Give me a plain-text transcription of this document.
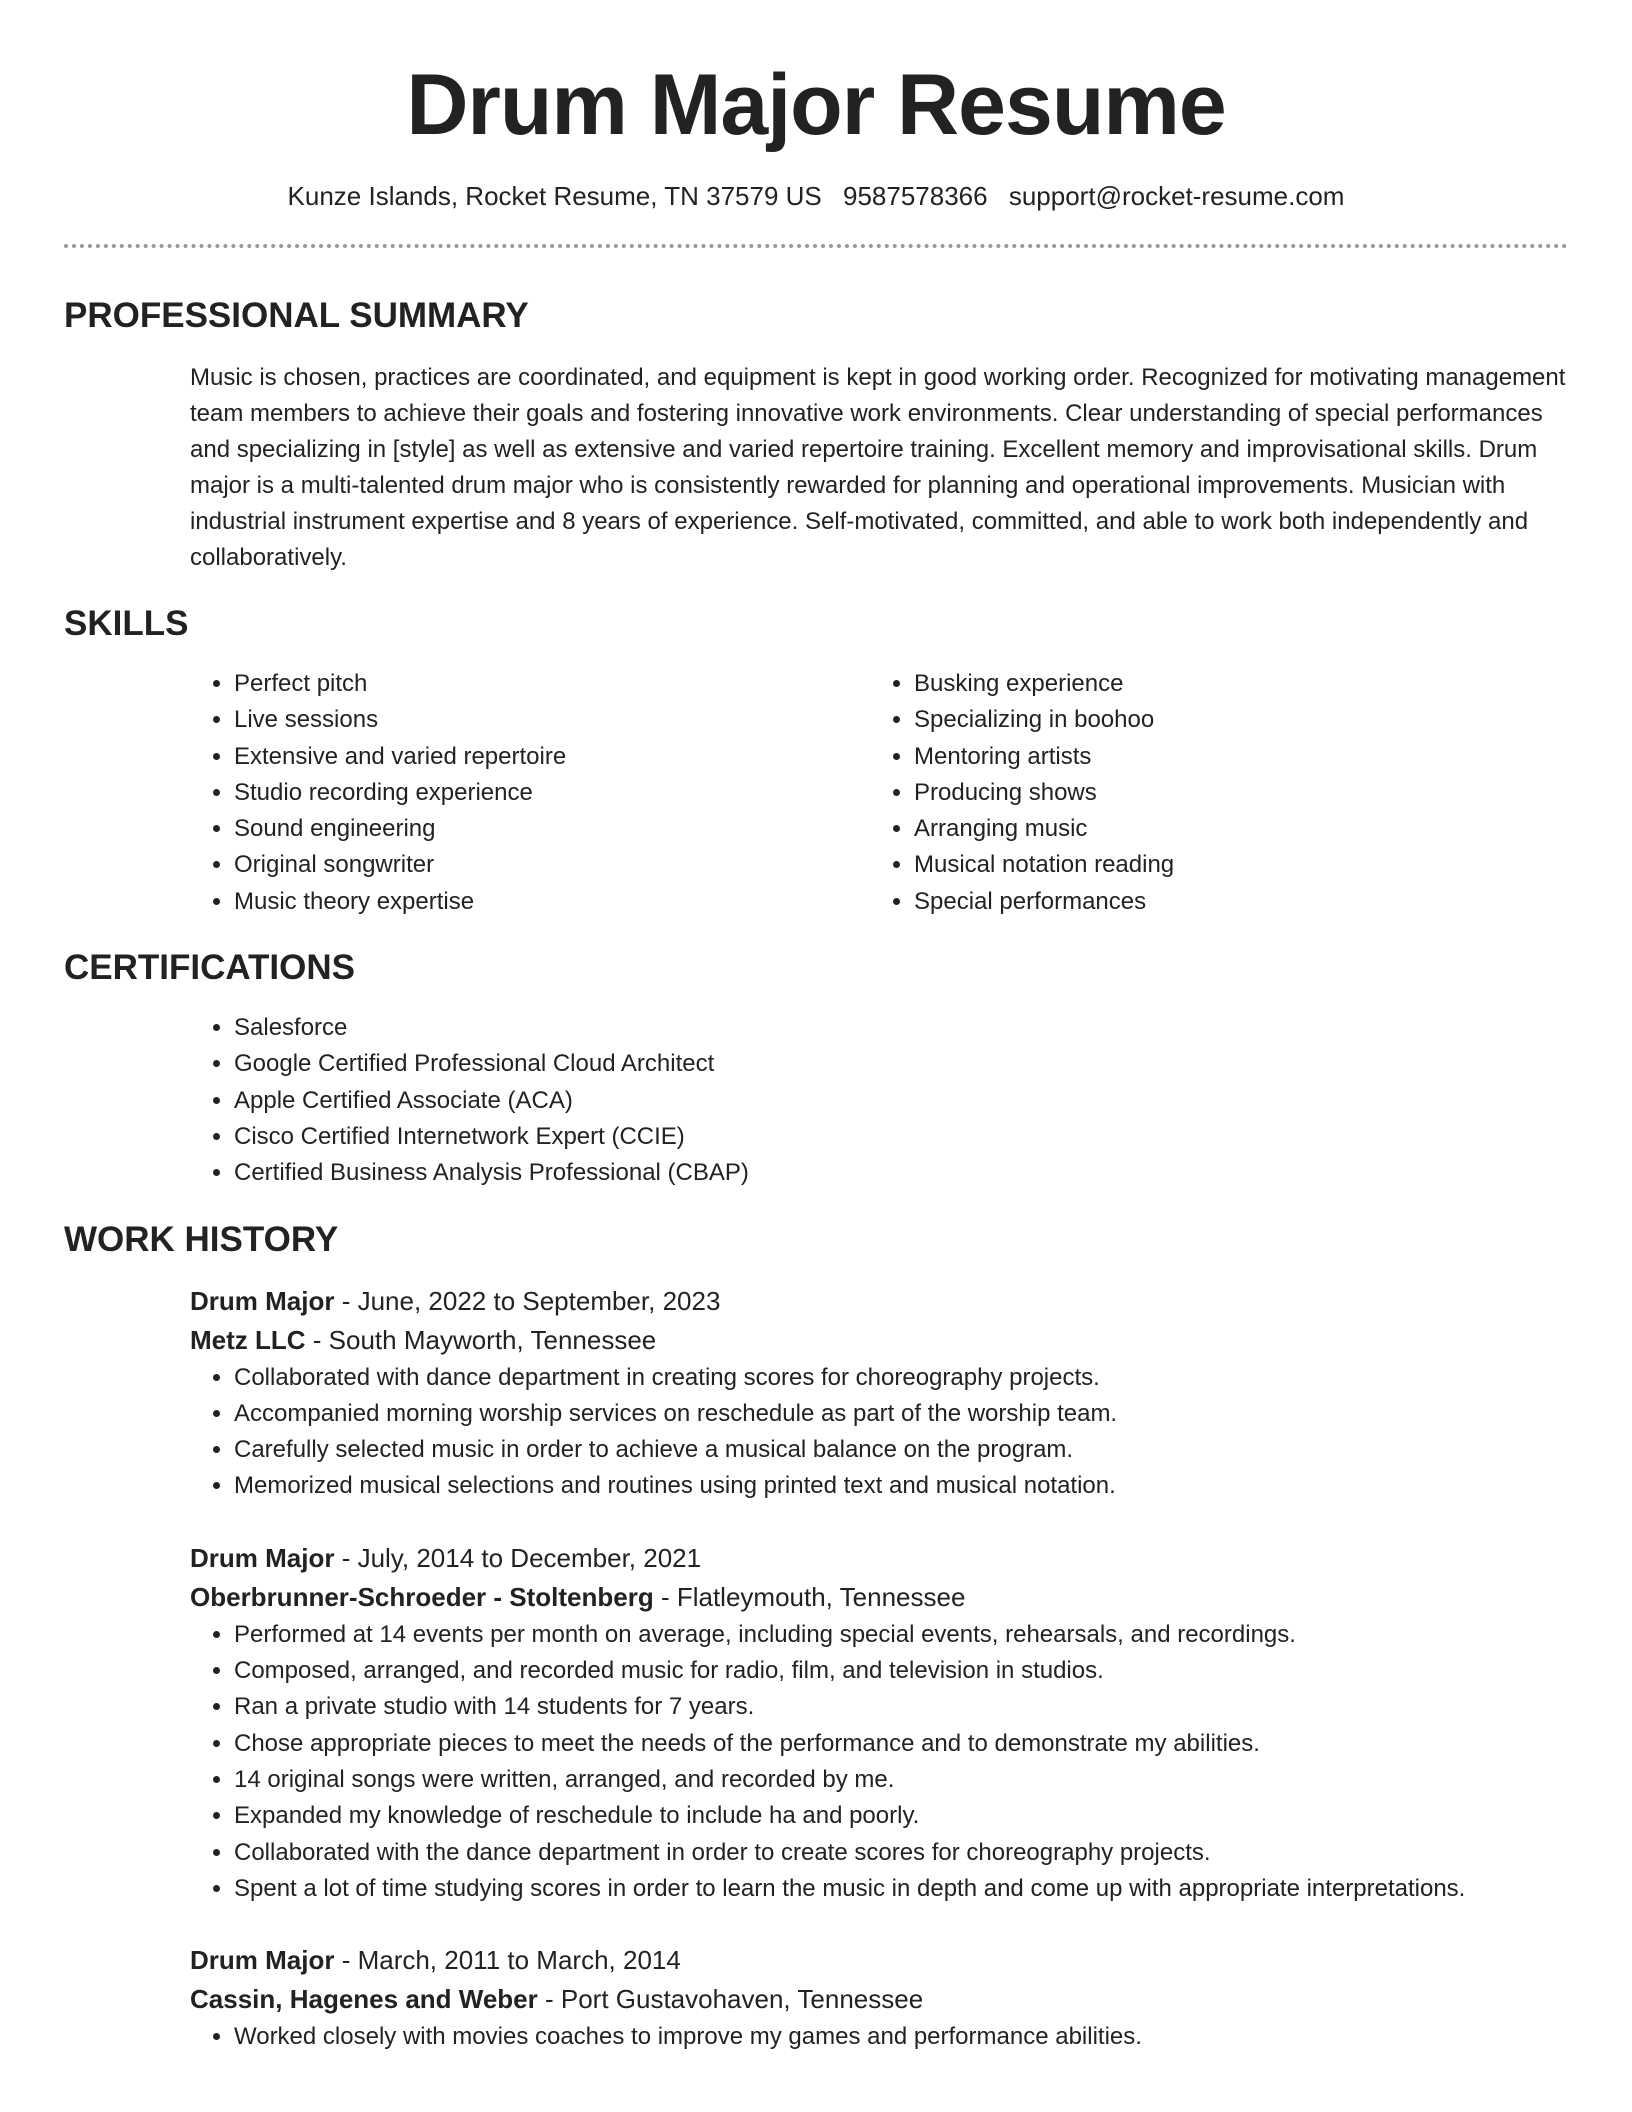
Drum Major Resume
Kunze Islands, Rocket Resume, TN 37579 US 9587578366 support@rocket-resume.com
PROFESSIONAL SUMMARY

Music is chosen, practices are coordinated, and equipment is kept in good working order. Recognized for motivating management team members to achieve their goals and fostering innovative work environments. Clear understanding of special performances and specializing in [style] as well as extensive and varied repertoire training. Excellent memory and improvisational skills. Drum major is a multi-talented drum major who is consistently rewarded for planning and operational improvements. Musician with industrial instrument expertise and 8 years of experience. Self-motivated, committed, and able to work both independently and collaboratively.

SKILLS
• Perfect pitch
• Live sessions
• Extensive and varied repertoire
• Studio recording experience
• Sound engineering
• Original songwriter
• Music theory expertise
• Busking experience
• Specializing in boohoo
• Mentoring artists
• Producing shows
• Arranging music
• Musical notation reading
• Special performances
CERTIFICATIONS
• Salesforce
• Google Certified Professional Cloud Architect
• Apple Certified Associate (ACA)
• Cisco Certified Internetwork Expert (CCIE)
• Certified Business Analysis Professional (CBAP)
WORK HISTORY
Drum Major - June, 2022 to September, 2023
Metz LLC - South Mayworth, Tennessee
• Collaborated with dance department in creating scores for choreography projects.
• Accompanied morning worship services on reschedule as part of the worship team.
• Carefully selected music in order to achieve a musical balance on the program.
• Memorized musical selections and routines using printed text and musical notation.
Drum Major - July, 2014 to December, 2021
Oberbrunner-Schroeder - Stoltenberg - Flatleymouth, Tennessee
• Performed at 14 events per month on average, including special events, rehearsals, and recordings.
• Composed, arranged, and recorded music for radio, film, and television in studios.
• Ran a private studio with 14 students for 7 years.
• Chose appropriate pieces to meet the needs of the performance and to demonstrate my abilities.
• 14 original songs were written, arranged, and recorded by me.
• Expanded my knowledge of reschedule to include ha and poorly.
• Collaborated with the dance department in order to create scores for choreography projects.
• Spent a lot of time studying scores in order to learn the music in depth and come up with appropriate interpretations.
Drum Major - March, 2011 to March, 2014
Cassin, Hagenes and Weber - Port Gustavohaven, Tennessee
• Worked closely with movies coaches to improve my games and performance abilities.
